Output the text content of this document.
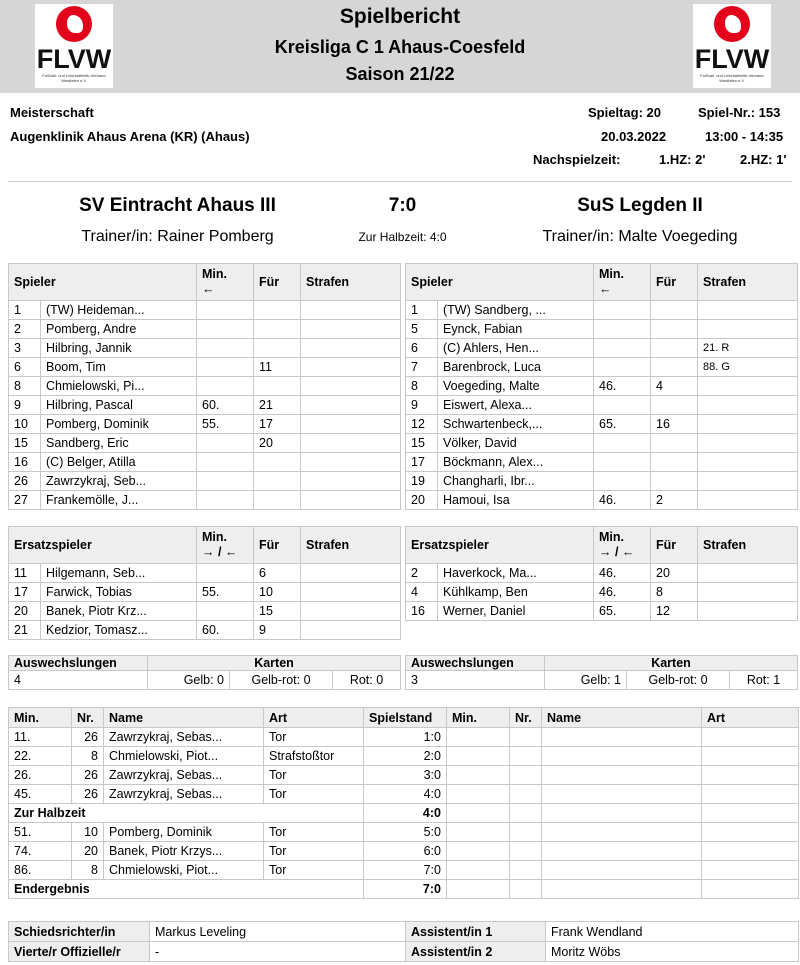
FLVW
Fußball- und Leichtathletik-Verband Westfalen e.V.
Spielbericht
Kreisliga C 1 Ahaus-Coesfeld
Saison 21/22	FLVW
Fußball- und Leichtathletik-Verband Westfalen e.V.
Meisterschaft
Augenklinik Ahaus Arena (KR) (Ahaus)
Spieltag: 20	Spiel-Nr.: 153
20.03.2022	13:00 - 14:35
Nachspielzeit:	1.HZ: 2'	2.HZ: 1'
SV Eintracht Ahaus III	7:0	SuS Legden II
Trainer/in: Rainer Pomberg	Zur Halbzeit: 4:0	Trainer/in: Malte Voegeding
Spieler		Min.
←	Für	Strafen
1	(TW) Heideman...			
2	Pomberg, Andre			
3	Hilbring, Jannik			
6	Boom, Tim		11	
8	Chmielowski, Pi...			
9	Hilbring, Pascal	60.	21	
10	Pomberg, Dominik	55.	17	
15	Sandberg, Eric		20	
16	(C) Belger, Atilla			
26	Zawrzykraj, Seb...			
27	Frankemölle, J...			
Spieler		Min.
←	Für	Strafen
1	(TW) Sandberg, ...			
5	Eynck, Fabian			
6	(C) Ahlers, Hen...			21. R
7	Barenbrock, Luca			88. G
8	Voegeding, Malte	46.	4	
9	Eiswert, Alexa...			
12	Schwartenbeck,...	65.	16	
15	Völker, David			
17	Böckmann, Alex...			
19	Changharli, Ibr...			
20	Hamoui, Isa	46.	2	
Ersatzspieler		Min.
→ / ←	Für	Strafen
11	Hilgemann, Seb...		6	
17	Farwick, Tobias	55.	10	
20	Banek, Piotr Krz...		15	
21	Kedzior, Tomasz...	60.	9	
Ersatzspieler		Min.
→ / ←	Für	Strafen
2	Haverkock, Ma...	46.	20	
4	Kühlkamp, Ben	46.	8	
16	Werner, Daniel	65.	12	
Auswechslungen	Karten		
4	Gelb: 0	Gelb-rot: 0	Rot: 0
Auswechslungen	Karten		
3	Gelb: 1	Gelb-rot: 0	Rot: 1
Min.	Nr.	Name	Art	Spielstand	Min.	Nr.	Name	Art
11.	26	Zawrzykraj, Sebas...	Tor	1:0				
22.	8	Chmielowski, Piot...	Strafstoßtor	2:0				
26.	26	Zawrzykraj, Sebas...	Tor	3:0				
45.	26	Zawrzykraj, Sebas...	Tor	4:0				
Zur Halbzeit				4:0				
51.	10	Pomberg, Dominik	Tor	5:0				
74.	20	Banek, Piotr Krzys...	Tor	6:0				
86.	8	Chmielowski, Piot...	Tor	7:0				
Endergebnis				7:0				
Schiedsrichter/in	Markus Leveling	Assistent/in 1	Frank Wendland
Vierte/r Offizielle/r	-	Assistent/in 2	Moritz Wöbs
